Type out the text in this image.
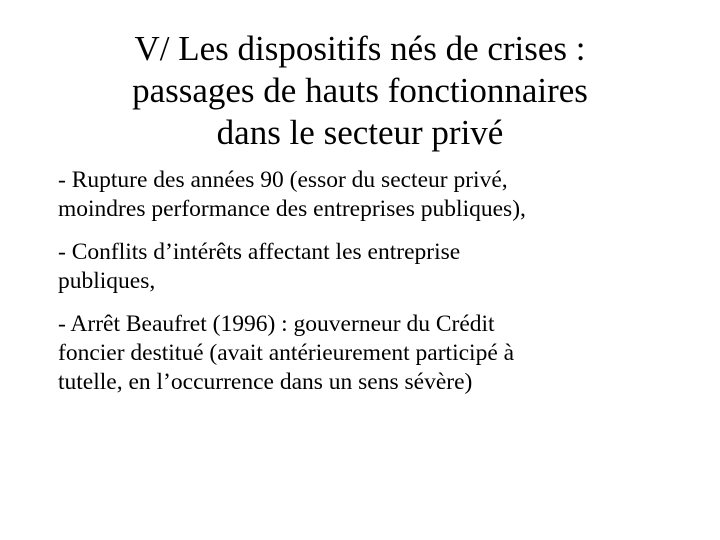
V/ Les dispositifs nés de crises :
passages de hauts fonctionnaires
dans le secteur privé
- Rupture des années 90 (essor du secteur privé,
moindres performance des entreprises publiques),
- Conflits d’intérêts affectant les entreprise
publiques,
- Arrêt Beaufret (1996) : gouverneur du Crédit
foncier destitué (avait antérieurement participé à
tutelle, en l’occurrence dans un sens sévère)
